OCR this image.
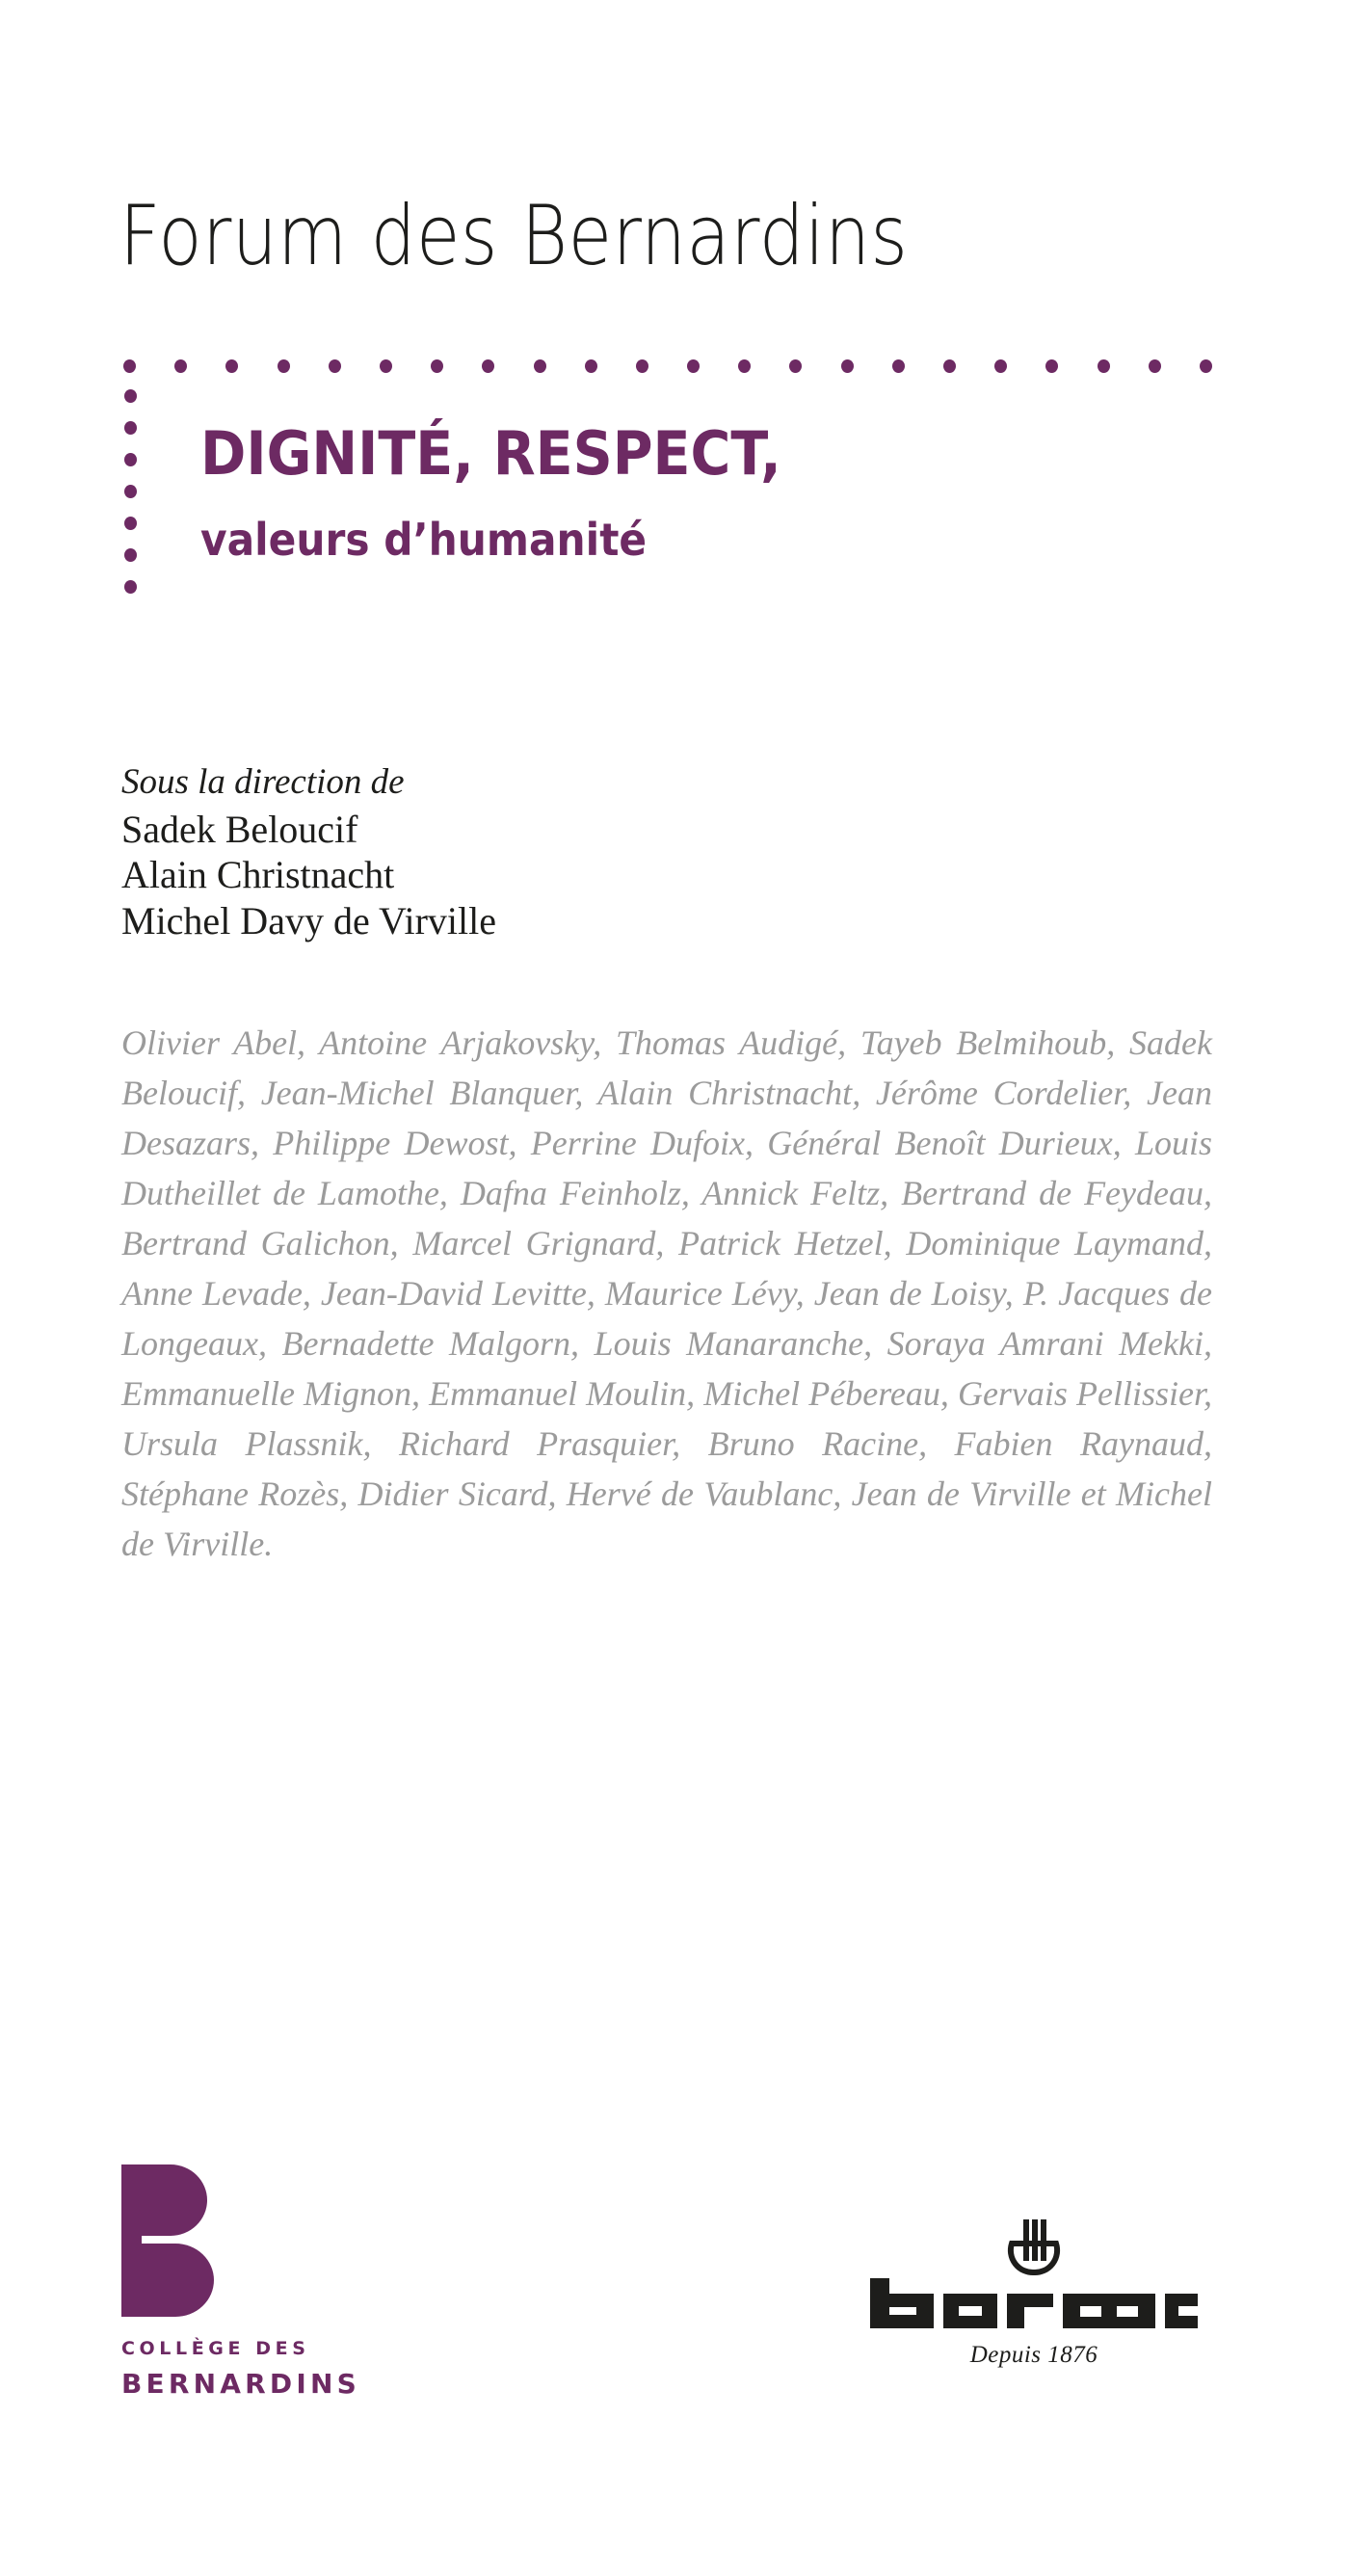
Forum des Bernardins
DIGNITÉ, RESPECT,
valeurs d’humanité

Sous la direction de

Sadek Beloucif

Alain Christnacht

Michel Davy de Virville

Olivier Abel, Antoine Arjakovsky, Thomas Audigé, Tayeb Belmihoub, Sadek Beloucif, Jean-Michel Blanquer, Alain Christnacht, Jérôme Cordelier, Jean Desazars, Philippe Dewost, Perrine Dufoix, Général Benoît Durieux, Louis Dutheillet de Lamothe, Dafna Feinholz, Annick Feltz, Bertrand de Feydeau, Bertrand Galichon, Marcel Grignard, Patrick Hetzel, Dominique Laymand, Anne Levade, Jean-David Levitte, Maurice Lévy, Jean de Loisy, P. Jacques de Longeaux, Bernadette Malgorn, Louis Manaranche, Soraya Amrani Mekki, Emmanuelle Mignon, Emmanuel Moulin, Michel Pébereau, Gervais Pellissier, Ursula Plassnik, Richard Prasquier, Bruno Racine, Fabien Raynaud, Stéphane Rozès, Didier Sicard, Hervé de Vaublanc, Jean de Virville et Michel de Virville.
COLLÈGE DES
BERNARDINS
Depuis 1876
